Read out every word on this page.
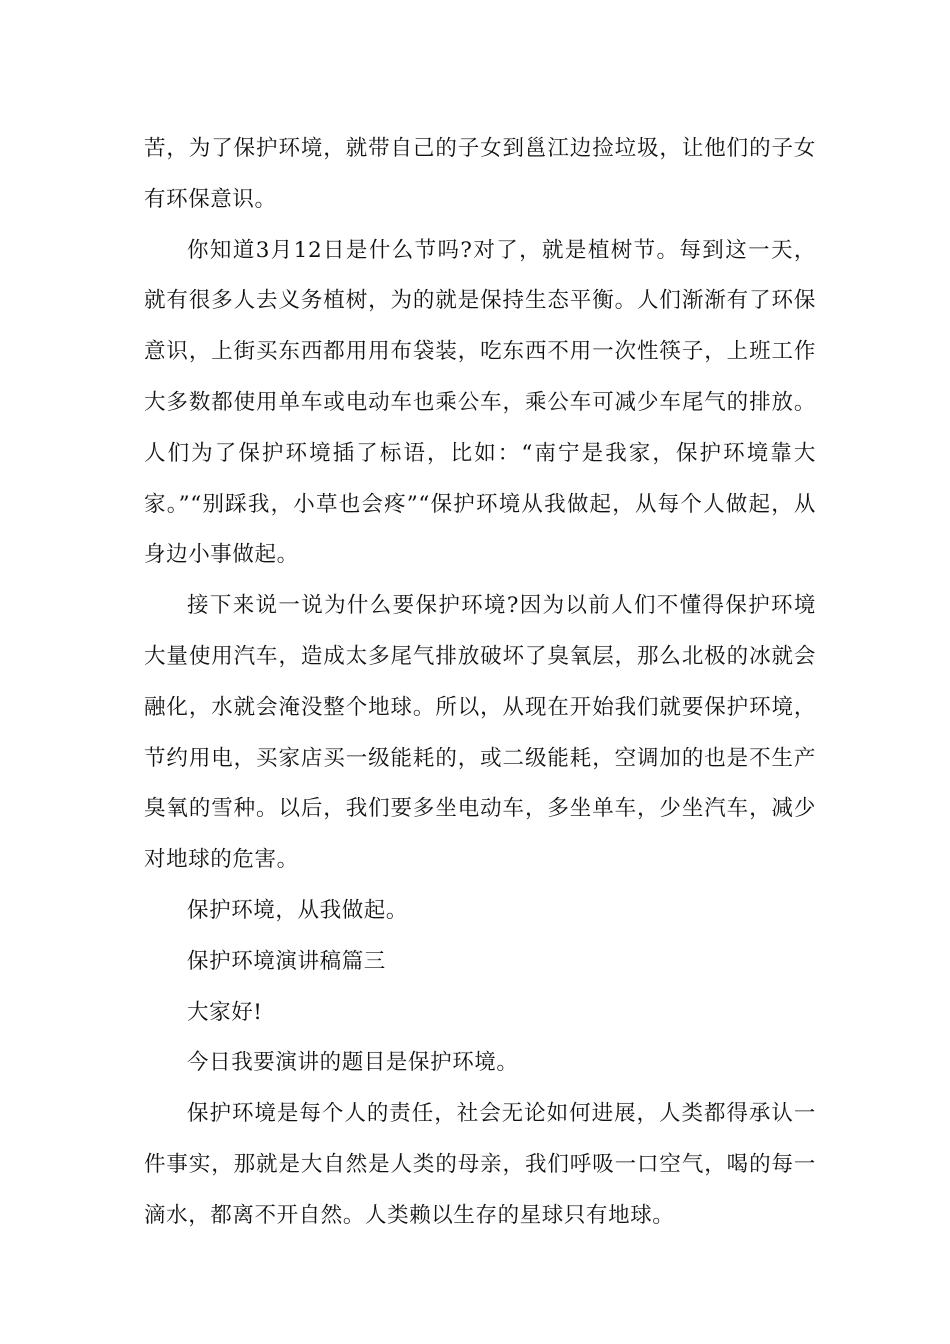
苦，为了保护环境，就带自己的子女到邕江边捡垃圾，让他们的子女有环保意识。

你知道3月12日是什么节吗?对了，就是植树节。每到这一天，就有很多人去义务植树，为的就是保持生态平衡。人们渐渐有了环保意识，上街买东西都用用布袋装，吃东西不用一次性筷子，上班工作大多数都使用单车或电动车也乘公车，乘公车可减少车尾气的排放。人们为了保护环境插了标语，比如：“南宁是我家，保护环境靠大家。”“别踩我，小草也会疼”“保护环境从我做起，从每个人做起，从身边小事做起。

接下来说一说为什么要保护环境?因为以前人们不懂得保护环境大量使用汽车，造成太多尾气排放破坏了臭氧层，那么北极的冰就会融化，水就会淹没整个地球。所以，从现在开始我们就要保护环境，节约用电，买家店买一级能耗的，或二级能耗，空调加的也是不生产臭氧的雪种。以后，我们要多坐电动车，多坐单车，少坐汽车，减少对地球的危害。

保护环境，从我做起。

保护环境演讲稿篇三

大家好!

今日我要演讲的题目是保护环境。

保护环境是每个人的责任，社会无论如何进展，人类都得承认一件事实，那就是大自然是人类的母亲，我们呼吸一口空气，喝的每一滴水，都离不开自然。人类赖以生存的星球只有地球。
